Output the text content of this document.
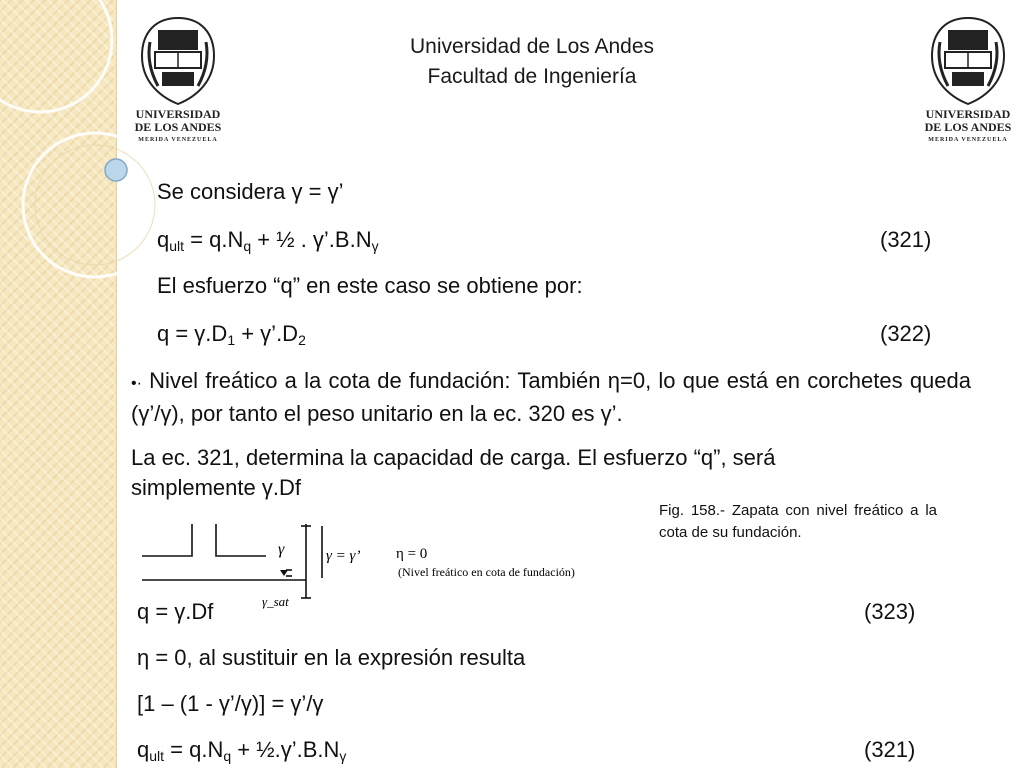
UNIVERSIDAD
DE LOS ANDES
MERIDA VENEZUELA
UNIVERSIDAD
DE LOS ANDES
MERIDA VENEZUELA
Universidad de Los Andes
Facultad de Ingeniería
Se considera γ = γ’
$q_{ult} = q.N_q$ + ½ . $\gamma’.B.N_\gamma$	(321)
El esfuerzo “q” en este caso se obtiene por:
$q = \gamma.D_1$ + $\gamma’.D_2$	(322)
•· Nivel freático a la cota de fundación: También η=0, lo que está en corchetes queda (γ’/γ), por tanto el peso unitario en la ec. 320 es γ’.
La ec. 321, determina la capacidad de carga. El esfuerzo “q”, será simplemente γ.Df
Fig. 158.- Zapata con nivel freático a la cota de su fundación.
γ	γ = γ’ η = 0
(Nivel freático en cota de fundación)
γ_sat
q = γ.Df	(323)
η = 0, al sustituir en la expresión resulta
[1 – (1 - γ’/γ)] = γ’/γ
$q_{ult} = q.N_q$ + $\frac{1}{2}.\gamma’.B.N_\gamma$	(321)
